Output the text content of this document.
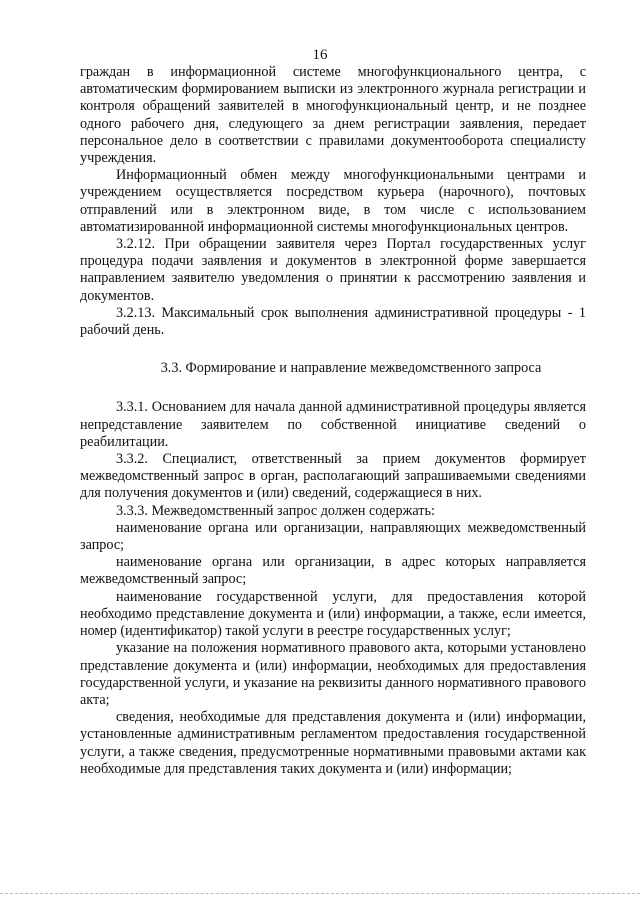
16

граждан в информационной системе многофункционального центра, с автоматическим формированием выписки из электронного журнала регистрации и контроля обращений заявителей в многофункциональный центр, и не позднее одного рабочего дня, следующего за днем регистрации заявления, передает персональное дело в соответствии с правилами документооборота специалисту учреждения.

Информационный обмен между многофункциональными центрами и учреждением осуществляется посредством курьера (нарочного), почтовых отправлений или в электронном виде, в том числе с использованием автоматизированной информационной системы многофункциональных центров.

3.2.12. При обращении заявителя через Портал государственных услуг процедура подачи заявления и документов в электронной форме завершается направлением заявителю уведомления о принятии к рассмотрению заявления и документов.

3.2.13. Максимальный срок выполнения административной процедуры - 1 рабочий день.

3.3. Формирование и направление межведомственного запроса

3.3.1. Основанием для начала данной административной процедуры является непредставление заявителем по собственной инициативе сведений о реабилитации.

3.3.2. Специалист, ответственный за прием документов формирует межведомственный запрос в орган, располагающий запрашиваемыми сведениями для получения документов и (или) сведений, содержащиеся в них.

3.3.3. Межведомственный запрос должен содержать:

наименование органа или организации, направляющих межведомственный запрос;

наименование органа или организации, в адрес которых направляется межведомственный запрос;

наименование государственной услуги, для предоставления которой необходимо представление документа и (или) информации, а также, если имеется, номер (идентификатор) такой услуги в реестре государственных услуг;

указание на положения нормативного правового акта, которыми установлено представление документа и (или) информации, необходимых для предоставления государственной услуги, и указание на реквизиты данного нормативного правового акта;

сведения, необходимые для представления документа и (или) информации, установленные административным регламентом предоставления государственной услуги, а также сведения, предусмотренные нормативными правовыми актами как необходимые для представления таких документа и (или) информации;
